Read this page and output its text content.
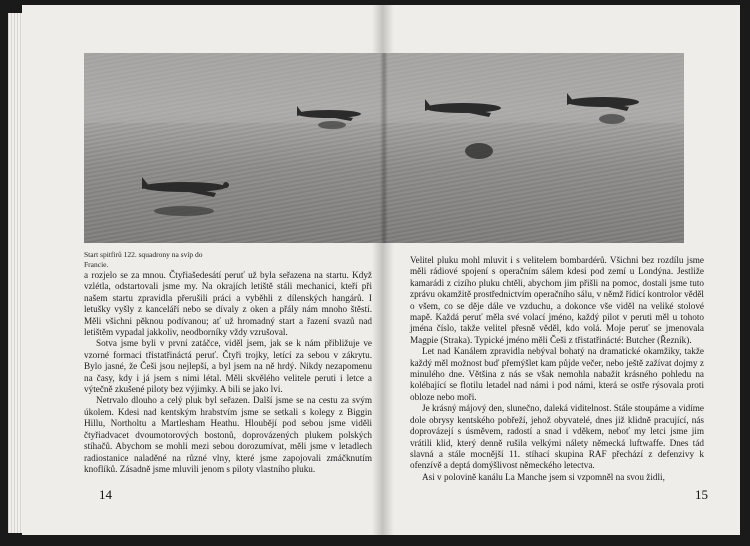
Start spitfirů 122. squadrony na svíp do Francie.

a rozjelo se za mnou. Čtyřiašedesátí peruť už byla seřazena na startu. Když vzlétla, odstartovali jsme my. Na okrajích letiště stáli mechanici, kteří při našem startu zpravidla přerušili práci a vyběhli z dílenských hangárů. I letušky vyšly z kanceláří nebo se dívaly z oken a přály nám mnoho štěstí. Měli všichni pěknou podívanou; ať už hromadný start a řazení svazů nad letištěm vypadal jakkoliv, neodborníky vždy vzrušoval.

Sotva jsme byli v první zatáčce, viděl jsem, jak se k nám přibližuje ve vzorné formaci třistatřináctá peruť. Čtyři trojky, letící za sebou v zákrytu. Bylo jasné, že Češi jsou nejlepší, a byl jsem na ně hrdý. Nikdy nezapomenu na časy, kdy i já jsem s nimi létal. Měli skvělého velitele peruti i letce a výtečně zkušené piloty bez výjimky. A bili se jako lvi.

Netrvalo dlouho a celý pluk byl seřazen. Další jsme se na cestu za svým úkolem. Kdesi nad kentským hrabstvím jsme se setkali s kolegy z Biggin Hillu, Northoltu a Martlesham Heathu. Hloubějí pod sebou jsme viděli čtyřiadvacet dvoumotorových bostonů, doprovázených plukem polských stíhačů. Abychom se mohli mezi sebou dorozumívat, měli jsme v letadlech radiostanice naladěné na různé vlny, které jsme zapojovali zmáčknutím knoflíků. Zásadně jsme mluvili jenom s piloty vlastního pluku.

Velitel pluku mohl mluvit i s velitelem bombardérů. Všichni bez rozdílu jsme měli rádiové spojení s operačním sálem kdesi pod zemí u Londýna. Jestliže kamarádi z cizího pluku chtěli, abychom jim přišli na pomoc, dostali jsme tuto zprávu okamžitě prostřednictvím operačního sálu, v němž řídící kontrolor věděl o všem, co se děje dále ve vzduchu, a dokonce vše viděl na veliké stolové mapě. Každá peruť měla své volací jméno, každý pilot v peruti měl u tohoto jména číslo, takže velitel přesně věděl, kdo volá. Moje peruť se jmenovala Magpie (Straka). Typické jméno měli Češi z třistatřinácté: Butcher (Řezník).

Let nad Kanálem zpravidla nebýval bohatý na dramatické okamžiky, takže každý měl možnost buď přemýšlet kam půjde večer, nebo ještě zažívat dojmy z minulého dne. Většina z nás se však nemohla nabažit krásného pohledu na kolébající se flotilu letadel nad námi i pod námi, která se ostře rýsovala proti obloze nebo moři.

Je krásný májový den, slunečno, daleká viditelnost. Stále stoupáme a vidíme dole obrysy kentského pobřeží, jehož obyvatelé, dnes již klidně pracující, nás doprovázejí s úsměvem, radostí a snad i vděkem, neboť my letci jsme jim vrátili klid, který denně rušila velkými nálety německá luftwaffe. Dnes tád slavná a stále mocnější 11. stíhací skupina RAF přechází z defenzivy k ofenzívě a deptá domýšlivost německého letectva.

Asi v polovině kanálu La Manche jsem si vzpomněl na svou židli,

14	15
